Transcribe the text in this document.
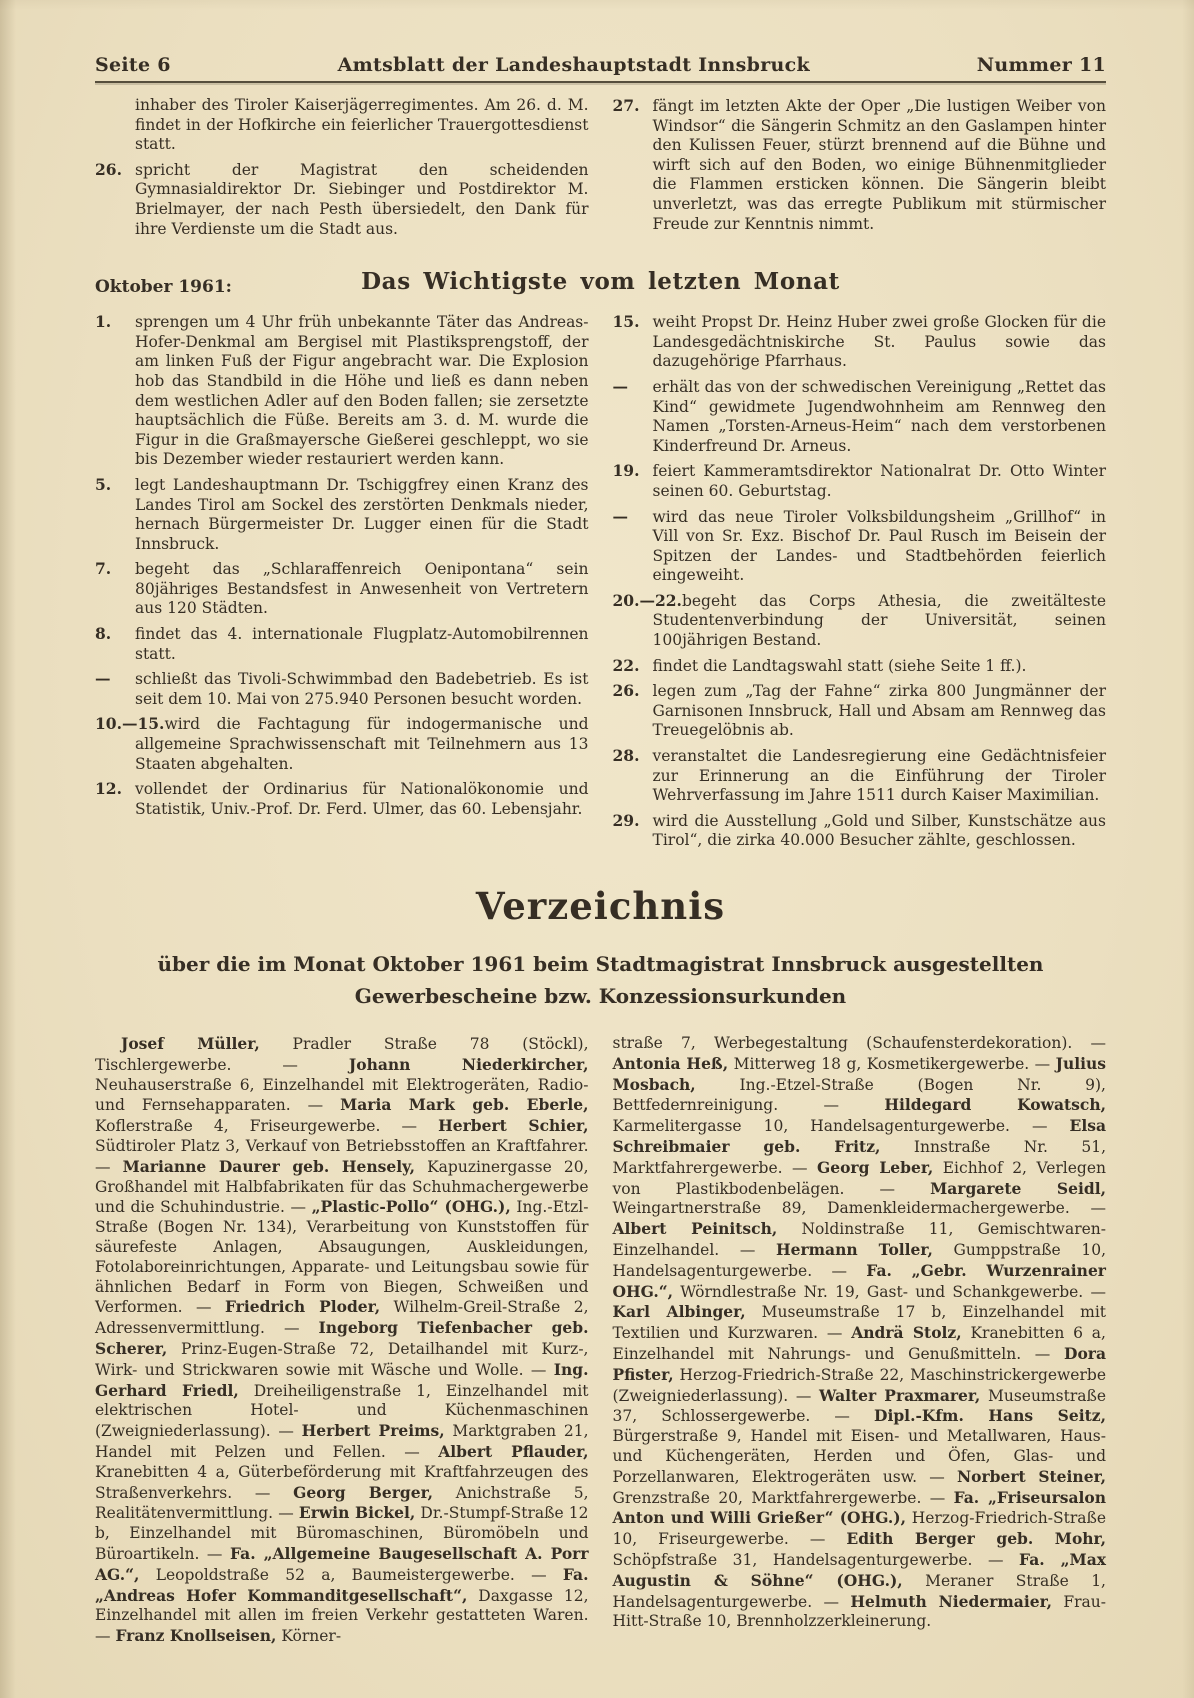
Seite 6	Amtsblatt der Landeshauptstadt Innsbruck	Nummer 11
inhaber des Tiroler Kaiserjägerregimentes. Am 26. d. M. findet in der Hofkirche ein feierlicher Trauergottesdienst statt.
26. spricht der Magistrat den scheidenden Gymnasialdirektor Dr. Siebinger und Postdirektor M. Brielmayer, der nach Pesth übersiedelt, den Dank für ihre Verdienste um die Stadt aus.
27. fängt im letzten Akte der Oper „Die lustigen Weiber von Windsor“ die Sängerin Schmitz an den Gaslampen hinter den Kulissen Feuer, stürzt brennend auf die Bühne und wirft sich auf den Boden, wo einige Bühnenmitglieder die Flammen ersticken können. Die Sängerin bleibt unverletzt, was das erregte Publikum mit stürmischer Freude zur Kenntnis nimmt.
Oktober 1961:	Das Wichtigste vom letzten Monat
1. sprengen um 4 Uhr früh unbekannte Täter das Andreas-Hofer-Denkmal am Bergisel mit Plastiksprengstoff, der am linken Fuß der Figur angebracht war. Die Explosion hob das Standbild in die Höhe und ließ es dann neben dem westlichen Adler auf den Boden fallen; sie zersetzte hauptsächlich die Füße. Bereits am 3. d. M. wurde die Figur in die Graßmayersche Gießerei geschleppt, wo sie bis Dezember wieder restauriert werden kann.
5. legt Landeshauptmann Dr. Tschiggfrey einen Kranz des Landes Tirol am Sockel des zerstörten Denkmals nieder, hernach Bürgermeister Dr. Lugger einen für die Stadt Innsbruck.
7. begeht das „Schlaraffenreich Oenipontana“ sein 80jähriges Bestandsfest in Anwesenheit von Vertretern aus 120 Städten.
8. findet das 4. internationale Flugplatz-Automobilrennen statt.
— schließt das Tivoli-Schwimmbad den Badebetrieb. Es ist seit dem 10. Mai von 275.940 Personen besucht worden.
10.—15.wird die Fachtagung für indogermanische und allgemeine Sprachwissenschaft mit Teilnehmern aus 13 Staaten abgehalten.
12. vollendet der Ordinarius für Nationalökonomie und Statistik, Univ.-Prof. Dr. Ferd. Ulmer, das 60. Lebensjahr.
15. weiht Propst Dr. Heinz Huber zwei große Glocken für die Landesgedächtniskirche St. Paulus sowie das dazugehörige Pfarrhaus.
— erhält das von der schwedischen Vereinigung „Rettet das Kind“ gewidmete Jugendwohnheim am Rennweg den Namen „Torsten-Arneus-Heim“ nach dem verstorbenen Kinderfreund Dr. Arneus.
19. feiert Kammeramtsdirektor Nationalrat Dr. Otto Winter seinen 60. Geburtstag.
— wird das neue Tiroler Volksbildungsheim „Grillhof“ in Vill von Sr. Exz. Bischof Dr. Paul Rusch im Beisein der Spitzen der Landes- und Stadtbehörden feierlich eingeweiht.
20.—22.begeht das Corps Athesia, die zweitälteste Studentenverbindung der Universität, seinen 100jährigen Bestand.
22. findet die Landtagswahl statt (siehe Seite 1 ff.).
26. legen zum „Tag der Fahne“ zirka 800 Jungmänner der Garnisonen Innsbruck, Hall und Absam am Rennweg das Treuegelöbnis ab.
28. veranstaltet die Landesregierung eine Gedächtnisfeier zur Erinnerung an die Einführung der Tiroler Wehrverfassung im Jahre 1511 durch Kaiser Maximilian.
29. wird die Ausstellung „Gold und Silber, Kunstschätze aus Tirol“, die zirka 40.000 Besucher zählte, geschlossen.
Verzeichnis

über die im Monat Oktober 1961 beim Stadtmagistrat Innsbruck ausgestellten
Gewerbescheine bzw. Konzessionsurkunden

Josef Müller, Pradler Straße 78 (Stöckl), Tischlergewerbe. — Johann Niederkircher, Neuhauserstraße 6, Einzelhandel mit Elektrogeräten, Radio- und Fernsehapparaten. — Maria Mark geb. Eberle, Koflerstraße 4, Friseurgewerbe. — Herbert Schier, Südtiroler Platz 3, Verkauf von Betriebsstoffen an Kraftfahrer. — Marianne Daurer geb. Hensely, Kapuzinergasse 20, Großhandel mit Halbfabrikaten für das Schuhmachergewerbe und die Schuhindustrie. — „Plastic-Pollo“ (OHG.), Ing.-Etzl-Straße (Bogen Nr. 134), Verarbeitung von Kunststoffen für säurefeste Anlagen, Absaugungen, Auskleidungen, Fotolaboreinrichtungen, Apparate- und Leitungsbau sowie für ähnlichen Bedarf in Form von Biegen, Schweißen und Verformen. — Friedrich Ploder, Wilhelm-Greil-Straße 2, Adressenvermittlung. — Ingeborg Tiefenbacher geb. Scherer, Prinz-Eugen-Straße 72, Detailhandel mit Kurz-, Wirk- und Strickwaren sowie mit Wäsche und Wolle. — Ing. Gerhard Friedl, Dreiheiligenstraße 1, Einzelhandel mit elektrischen Hotel- und Küchenmaschinen (Zweigniederlassung). — Herbert Preims, Marktgraben 21, Handel mit Pelzen und Fellen. — Albert Pflauder, Kranebitten 4 a, Güterbeförderung mit Kraftfahrzeugen des Straßenverkehrs. — Georg Berger, Anichstraße 5, Realitätenvermittlung. — Erwin Bickel, Dr.-Stumpf-Straße 12 b, Einzelhandel mit Büromaschinen, Büromöbeln und Büroartikeln. — Fa. „Allgemeine Baugesellschaft A. Porr AG.“, Leopoldstraße 52 a, Baumeistergewerbe. — Fa. „Andreas Hofer Kommanditgesellschaft“, Daxgasse 12, Einzelhandel mit allen im freien Verkehr gestatteten Waren. — Franz Knollseisen, Körner-

straße 7, Werbegestaltung (Schaufensterdekoration). — Antonia Heß, Mitterweg 18 g, Kosmetikergewerbe. — Julius Mosbach, Ing.-Etzel-Straße (Bogen Nr. 9), Bettfedernreinigung. — Hildegard Kowatsch, Karmelitergasse 10, Handelsagenturgewerbe. — Elsa Schreibmaier geb. Fritz, Innstraße Nr. 51, Marktfahrergewerbe. — Georg Leber, Eichhof 2, Verlegen von Plastikbodenbelägen. — Margarete Seidl, Weingartnerstraße 89, Damenkleidermachergewerbe. — Albert Peinitsch, Noldinstraße 11, Gemischtwaren-Einzelhandel. — Hermann Toller, Gumppstraße 10, Handelsagenturgewerbe. — Fa. „Gebr. Wurzenrainer OHG.“, Wörndlestraße Nr. 19, Gast- und Schankgewerbe. — Karl Albinger, Museumstraße 17 b, Einzelhandel mit Textilien und Kurzwaren. — Andrä Stolz, Kranebitten 6 a, Einzelhandel mit Nahrungs- und Genußmitteln. — Dora Pfister, Herzog-Friedrich-Straße 22, Maschinstrickergewerbe (Zweigniederlassung). — Walter Praxmarer, Museumstraße 37, Schlossergewerbe. — Dipl.-Kfm. Hans Seitz, Bürgerstraße 9, Handel mit Eisen- und Metallwaren, Haus- und Küchengeräten, Herden und Öfen, Glas- und Porzellanwaren, Elektrogeräten usw. — Norbert Steiner, Grenzstraße 20, Marktfahrergewerbe. — Fa. „Friseursalon Anton und Willi Grießer“ (OHG.), Herzog-Friedrich-Straße 10, Friseurgewerbe. — Edith Berger geb. Mohr, Schöpfstraße 31, Handelsagenturgewerbe. — Fa. „Max Augustin & Söhne“ (OHG.), Meraner Straße 1, Handelsagenturgewerbe. — Helmuth Niedermaier, Frau-Hitt-Straße 10, Brennholzzerkleinerung.
